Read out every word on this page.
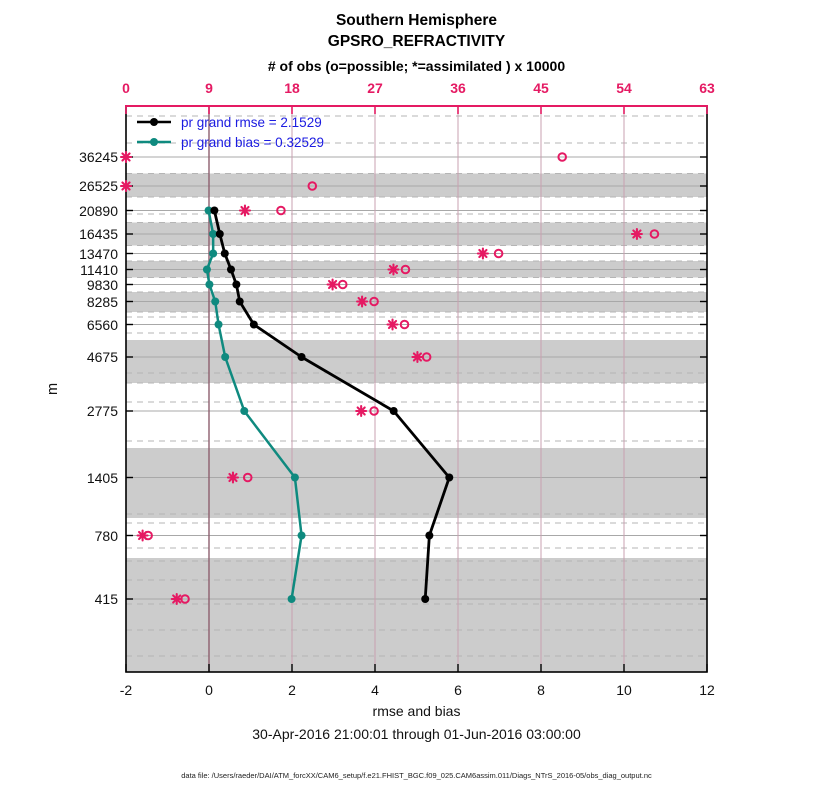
Southern Hemisphere
GPSRO_REFRACTIVITY
# of obs (o=possible; *=assimilated ) x 10000
pr grand rmse = 2.1529
pr grand bias = 0.32529
m
0	9	18	27	36	45	54	63
-2	0	2	4	6	8	10	12
415
780
1405
2775
4675
6560
8285
9830
11410
13470
16435
20890
26525
36245
rmse and bias
30-Apr-2016 21:00:01 through 01-Jun-2016 03:00:00
data file: /Users/raeder/DAI/ATM_forcXX/CAM6_setup/f.e21.FHIST_BGC.f09_025.CAM6assim.011/Diags_NTrS_2016-05/obs_diag_output.nc
